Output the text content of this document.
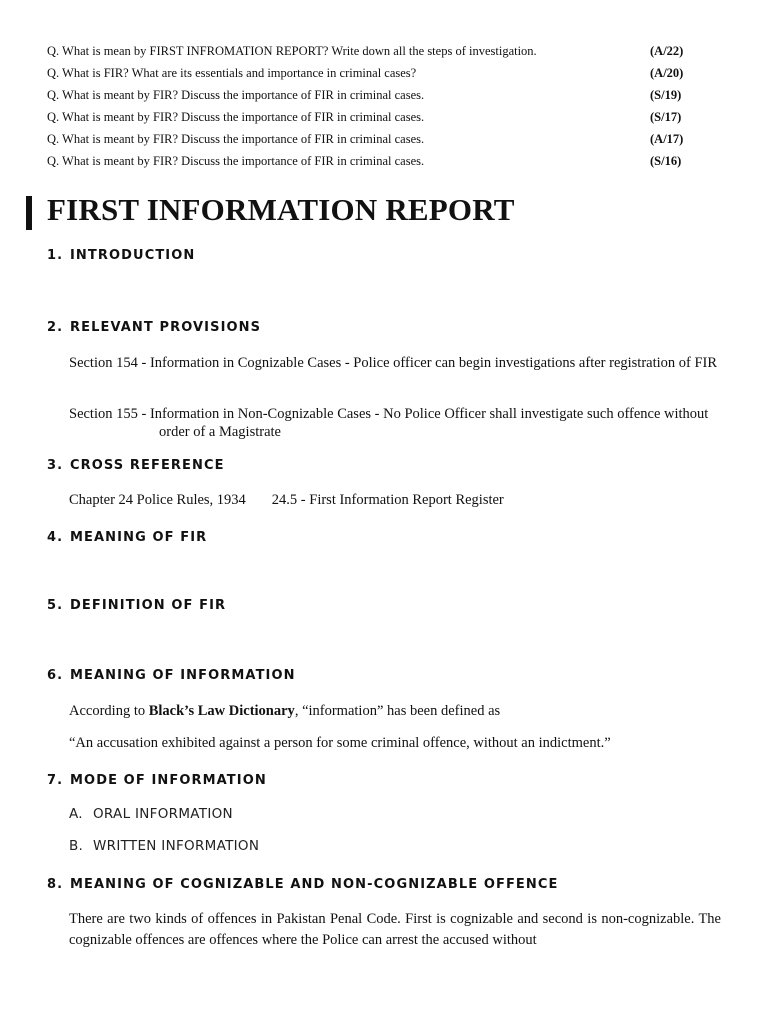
Q. What is mean by FIRST INFROMATION REPORT? Write down all the steps of investigation.	(A/22)
Q. What is FIR? What are its essentials and importance in criminal cases?	(A/20)
Q. What is meant by FIR? Discuss the importance of FIR in criminal cases.	(S/19)
Q. What is meant by FIR? Discuss the importance of FIR in criminal cases.	(S/17)
Q. What is meant by FIR? Discuss the importance of FIR in criminal cases.	(A/17)
Q. What is meant by FIR? Discuss the importance of FIR in criminal cases.	(S/16)
FIRST INFORMATION REPORT
1. INTRODUCTION
2. RELEVANT PROVISIONS
Section 154 - Information in Cognizable Cases - Police officer can begin investigations after registration of FIR
Section 155 - Information in Non-Cognizable Cases - No Police Officer shall investigate such offence without order of a Magistrate
3. CROSS REFERENCE
Chapter 24 Police Rules, 1934 24.5 - First Information Report Register
4. MEANING OF FIR
5. DEFINITION OF FIR
6. MEANING OF INFORMATION
According to Black’s Law Dictionary, “information” has been defined as
“An accusation exhibited against a person for some criminal offence, without an indictment.”
7. MODE OF INFORMATION
A. ORAL INFORMATION
B. WRITTEN INFORMATION
8. MEANING OF COGNIZABLE AND NON-COGNIZABLE OFFENCE
There are two kinds of offences in Pakistan Penal Code. First is cognizable and second is non-cognizable. The cognizable offences are offences where the Police can arrest the accused without
